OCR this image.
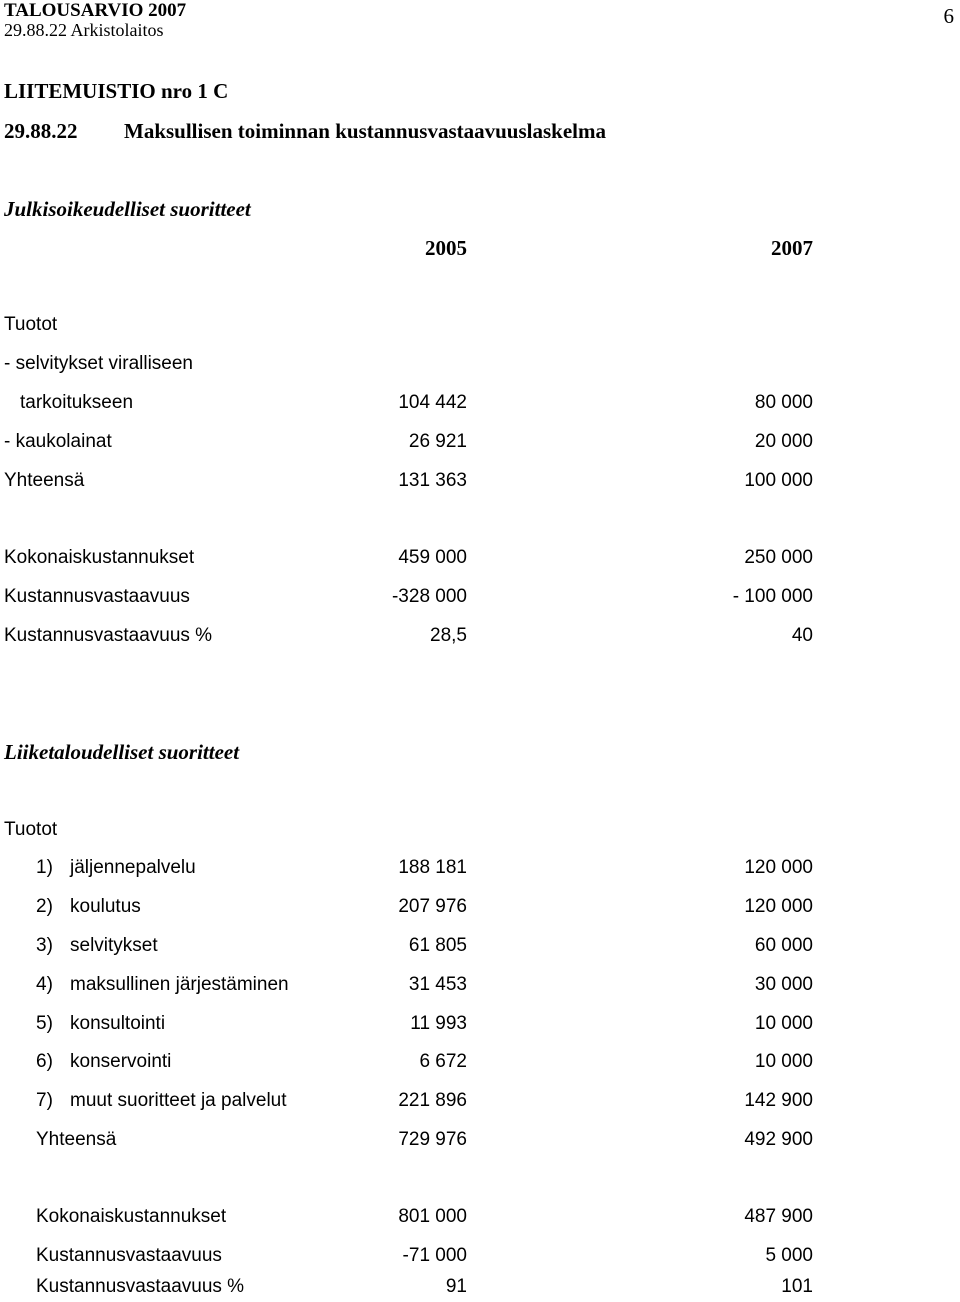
TALOUSARVIO 2007
29.88.22 Arkistolaitos
6
LIITEMUISTIO nro 1 C
29.88.22 Maksullisen toiminnan kustannusvastaavuuslaskelma
Julkisoikeudelliset suoritteet
2005	2007
Tuotot
- selvitykset viralliseen
tarkoitukseen	104 442	80 000
- kaukolainat	26 921	20 000
Yhteensä	131 363	100 000
Kokonaiskustannukset	459 000	250 000
Kustannusvastaavuus	-328 000	- 100 000
Kustannusvastaavuus %	28,5	40
Liiketaloudelliset suoritteet
Tuotot
1) jäljennepalvelu	188 181	120 000
2) koulutus	207 976	120 000
3) selvitykset	61 805	60 000
4) maksullinen järjestäminen	31 453	30 000
5) konsultointi	11 993	10 000
6) konservointi	6 672	10 000
7) muut suoritteet ja palvelut	221 896	142 900
Yhteensä	729 976	492 900
Kokonaiskustannukset	801 000	487 900
Kustannusvastaavuus	-71 000	5 000
Kustannusvastaavuus %	91	101
